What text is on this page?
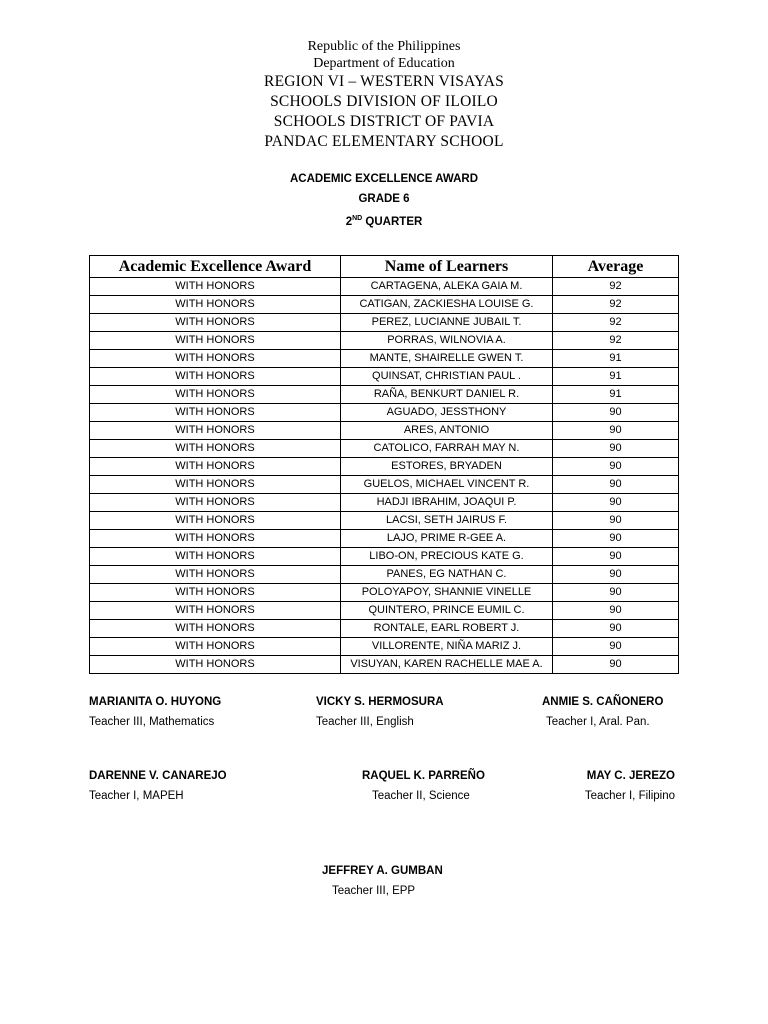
Republic of the Philippines
Department of Education
REGION VI – WESTERN VISAYAS
SCHOOLS DIVISION OF ILOILO
SCHOOLS DISTRICT OF PAVIA
PANDAC ELEMENTARY SCHOOL
ACADEMIC EXCELLENCE AWARD
GRADE 6
2ND QUARTER
Academic Excellence Award	Name of Learners	Average
WITH HONORS	CARTAGENA, ALEKA GAIA M.	92
WITH HONORS	CATIGAN, ZACKIESHA LOUISE G.	92
WITH HONORS	PEREZ, LUCIANNE JUBAIL T.	92
WITH HONORS	PORRAS, WILNOVIA A.	92
WITH HONORS	MANTE, SHAIRELLE GWEN T.	91
WITH HONORS	QUINSAT, CHRISTIAN PAUL .	91
WITH HONORS	RAÑA, BENKURT DANIEL R.	91
WITH HONORS	AGUADO, JESSTHONY	90
WITH HONORS	ARES, ANTONIO	90
WITH HONORS	CATOLICO, FARRAH MAY N.	90
WITH HONORS	ESTORES, BRYADEN	90
WITH HONORS	GUELOS, MICHAEL VINCENT R.	90
WITH HONORS	HADJI IBRAHIM, JOAQUI P.	90
WITH HONORS	LACSI, SETH JAIRUS F.	90
WITH HONORS	LAJO, PRIME R-GEE A.	90
WITH HONORS	LIBO-ON, PRECIOUS KATE G.	90
WITH HONORS	PANES, EG NATHAN C.	90
WITH HONORS	POLOYAPOY, SHANNIE VINELLE	90
WITH HONORS	QUINTERO, PRINCE EUMIL C.	90
WITH HONORS	RONTALE, EARL ROBERT J.	90
WITH HONORS	VILLORENTE, NIÑA MARIZ J.	90
WITH HONORS	VISUYAN, KAREN RACHELLE MAE A.	90
MARIANITA O. HUYONG
Teacher III, Mathematics
VICKY S. HERMOSURA
Teacher III, English
ANMIE S. CAÑONERO
Teacher I, Aral. Pan.
DARENNE V. CANAREJO
Teacher I, MAPEH
RAQUEL K. PARREÑO
Teacher II, Science
MAY C. JEREZO
Teacher I, Filipino
JEFFREY A. GUMBAN
Teacher III, EPP
